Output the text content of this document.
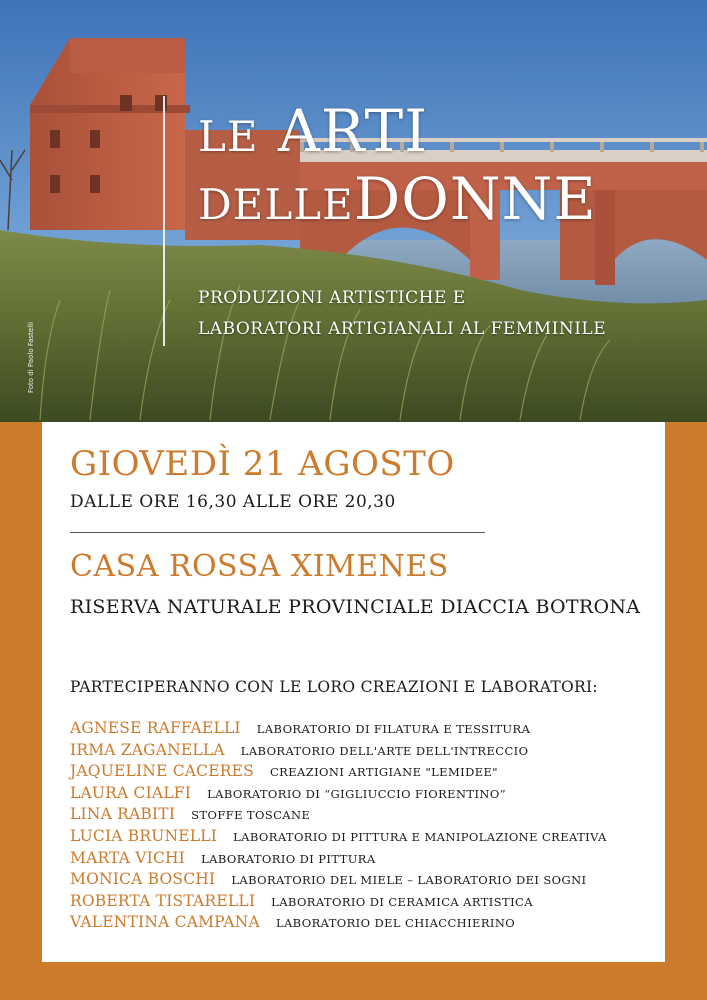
LE ARTI
DELLEDONNE
PRODUZIONI ARTISTICHE E
LABORATORI ARTIGIANALI AL FEMMINILE
Foto di Paolo Fastelli
GIOVEDÌ 21 AGOSTO
DALLE ORE 16,30 ALLE ORE 20,30
CASA ROSSA XIMENES
RISERVA NATURALE PROVINCIALE DIACCIA BOTRONA
PARTECIPERANNO CON LE LORO CREAZIONI E LABORATORI:
AGNESE RAFFAELLI LABORATORIO DI FILATURA E TESSITURA
IRMA ZAGANELLA LABORATORIO DELL'ARTE DELL'INTRECCIO
JAQUELINE CACERES CREAZIONI ARTIGIANE "LEMIDEE"
LAURA CIALFI LABORATORIO DI “GIGLIUCCIO FIORENTINO”
LINA RABITI STOFFE TOSCANE
LUCIA BRUNELLI LABORATORIO DI PITTURA E MANIPOLAZIONE CREATIVA
MARTA VICHI LABORATORIO DI PITTURA
MONICA BOSCHI LABORATORIO DEL MIELE – LABORATORIO DEI SOGNI
ROBERTA TISTARELLI LABORATORIO DI CERAMICA ARTISTICA
VALENTINA CAMPANA LABORATORIO DEL CHIACCHIERINO
